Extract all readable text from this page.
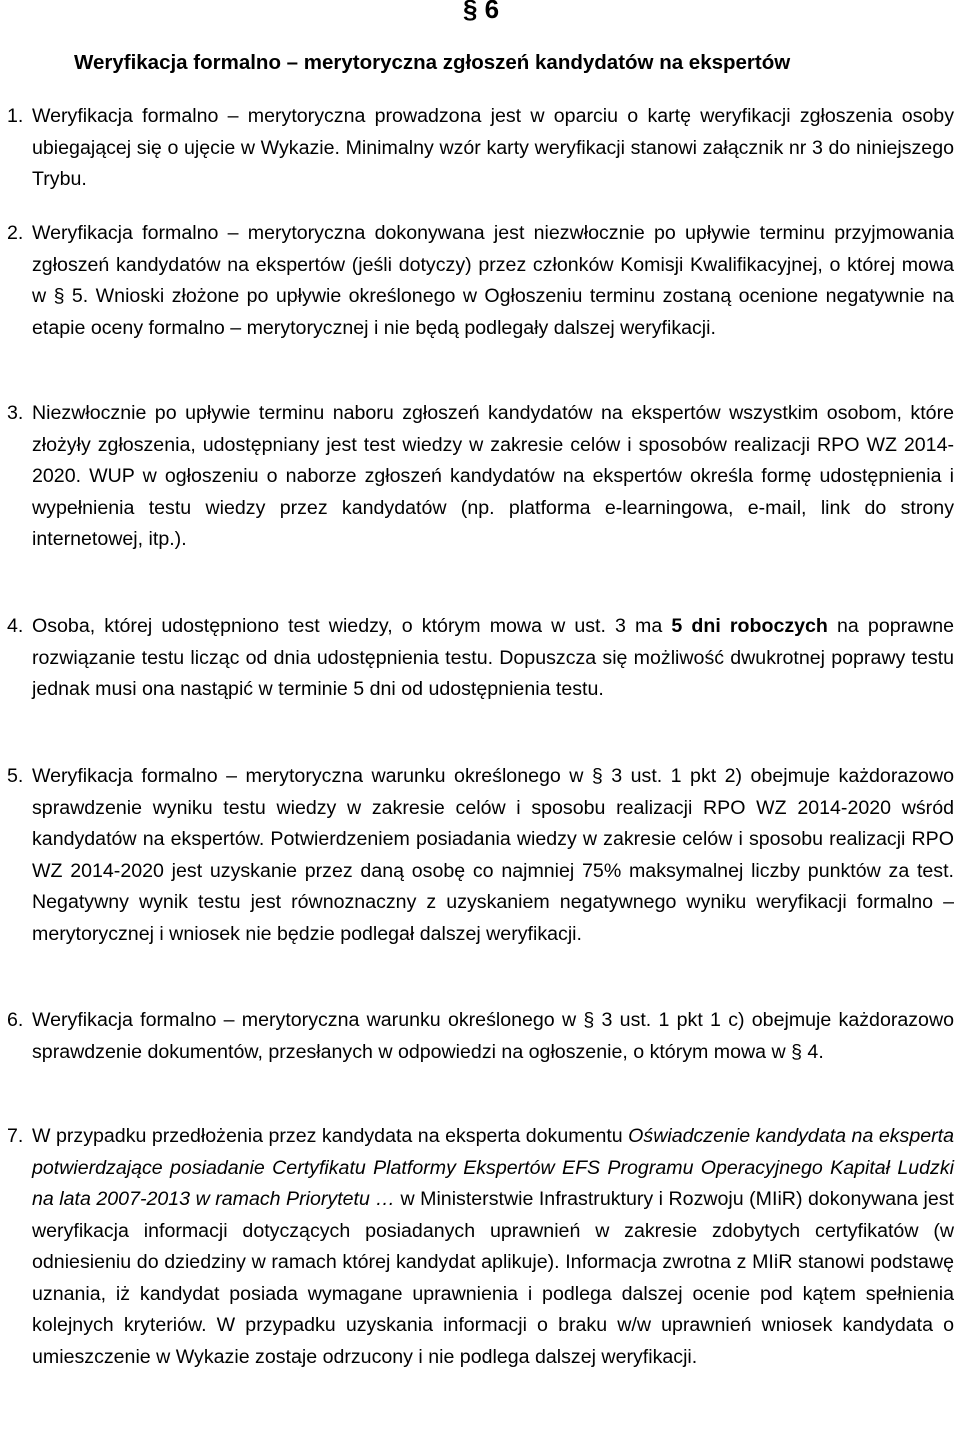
§ 6
Weryfikacja formalno – merytoryczna zgłoszeń kandydatów na ekspertów
1. Weryfikacja formalno – merytoryczna prowadzona jest w oparciu o kartę weryfikacji zgłoszenia osoby ubiegającej się o ujęcie w Wykazie. Minimalny wzór karty weryfikacji stanowi załącznik nr 3 do niniejszego Trybu.
2. Weryfikacja formalno – merytoryczna dokonywana jest niezwłocznie po upływie terminu przyjmowania zgłoszeń kandydatów na ekspertów (jeśli dotyczy) przez członków Komisji Kwalifikacyjnej, o której mowa w § 5. Wnioski złożone po upływie określonego w Ogłoszeniu terminu zostaną ocenione negatywnie na etapie oceny formalno – merytorycznej i nie będą podlegały dalszej weryfikacji.
3. Niezwłocznie po upływie terminu naboru zgłoszeń kandydatów na ekspertów wszystkim osobom, które złożyły zgłoszenia, udostępniany jest test wiedzy w zakresie celów i sposobów realizacji RPO WZ 2014-2020. WUP w ogłoszeniu o naborze zgłoszeń kandydatów na ekspertów określa formę udostępnienia i wypełnienia testu wiedzy przez kandydatów (np. platforma e-learningowa, e-mail, link do strony internetowej, itp.).
4. Osoba, której udostępniono test wiedzy, o którym mowa w ust. 3 ma 5 dni roboczych na poprawne rozwiązanie testu licząc od dnia udostępnienia testu. Dopuszcza się możliwość dwukrotnej poprawy testu jednak musi ona nastąpić w terminie 5 dni od udostępnienia testu.
5. Weryfikacja formalno – merytoryczna warunku określonego w § 3 ust. 1 pkt 2) obejmuje każdorazowo sprawdzenie wyniku testu wiedzy w zakresie celów i sposobu realizacji RPO WZ 2014-2020 wśród kandydatów na ekspertów. Potwierdzeniem posiadania wiedzy w zakresie celów i sposobu realizacji RPO WZ 2014-2020 jest uzyskanie przez daną osobę co najmniej 75% maksymalnej liczby punktów za test. Negatywny wynik testu jest równoznaczny z uzyskaniem negatywnego wyniku weryfikacji formalno – merytorycznej i wniosek nie będzie podlegał dalszej weryfikacji.
6. Weryfikacja formalno – merytoryczna warunku określonego w § 3 ust. 1 pkt 1 c) obejmuje każdorazowo sprawdzenie dokumentów, przesłanych w odpowiedzi na ogłoszenie, o którym mowa w § 4.
7. W przypadku przedłożenia przez kandydata na eksperta dokumentu Oświadczenie kandydata na eksperta potwierdzające posiadanie Certyfikatu Platformy Ekspertów EFS Programu Operacyjnego Kapitał Ludzki na lata 2007-2013 w ramach Priorytetu … w Ministerstwie Infrastruktury i Rozwoju (MIiR) dokonywana jest weryfikacja informacji dotyczących posiadanych uprawnień w zakresie zdobytych certyfikatów (w odniesieniu do dziedziny w ramach której kandydat aplikuje). Informacja zwrotna z MIiR stanowi podstawę uznania, iż kandydat posiada wymagane uprawnienia i podlega dalszej ocenie pod kątem spełnienia kolejnych kryteriów. W przypadku uzyskania informacji o braku w/w uprawnień wniosek kandydata o umieszczenie w Wykazie zostaje odrzucony i nie podlega dalszej weryfikacji.
